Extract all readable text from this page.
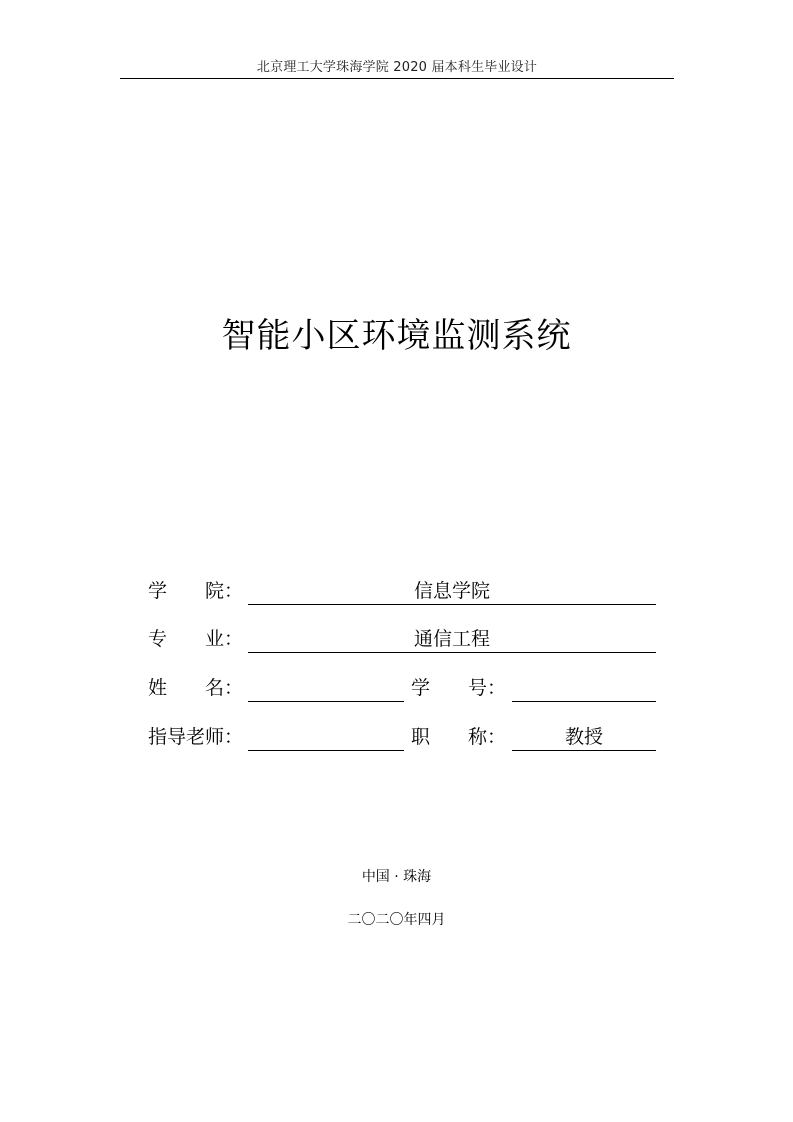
北京理工大学珠海学院 2020 届本科生毕业设计
智能小区环境监测系统
学　　院：	信息学院
专　　业：	通信工程
姓　　名：	学　　号：
指导老师：	职　　称：	教授
中国 · 珠海
二〇二〇年四月
